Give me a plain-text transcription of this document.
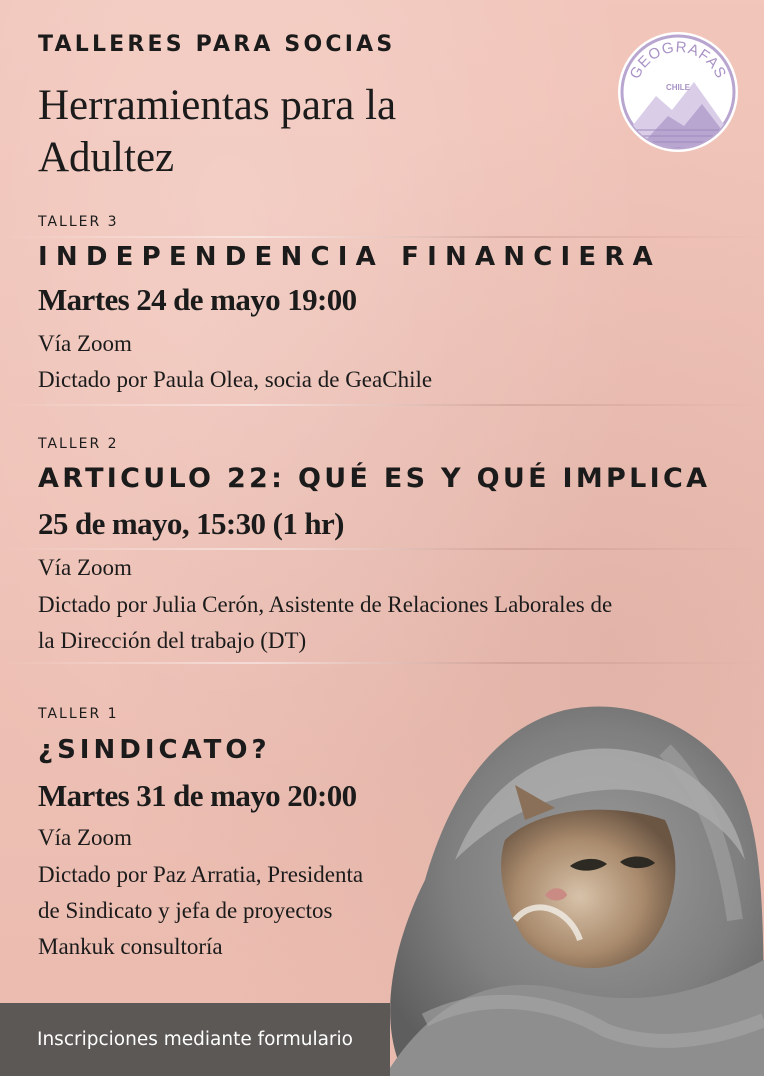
TALLERES PARA SOCIAS
Herramientas para la
Adultez
GEOGRAFAS
CHILE
TALLER 3
INDEPENDENCIA FINANCIERA
Martes 24 de mayo 19:00
Vía Zoom
Dictado por Paula Olea, socia de GeaChile
TALLER 2
ARTICULO 22: QUÉ ES Y QUÉ IMPLICA
25 de mayo, 15:30 (1 hr)
Vía Zoom
Dictado por Julia Cerón, Asistente de Relaciones Laborales de
la Dirección del trabajo (DT)
TALLER 1
¿SINDICATO?
Martes 31 de mayo 20:00
Vía Zoom
Dictado por Paz Arratia, Presidenta
de Sindicato y jefa de proyectos
Mankuk consultoría
Inscripciones mediante formulario
